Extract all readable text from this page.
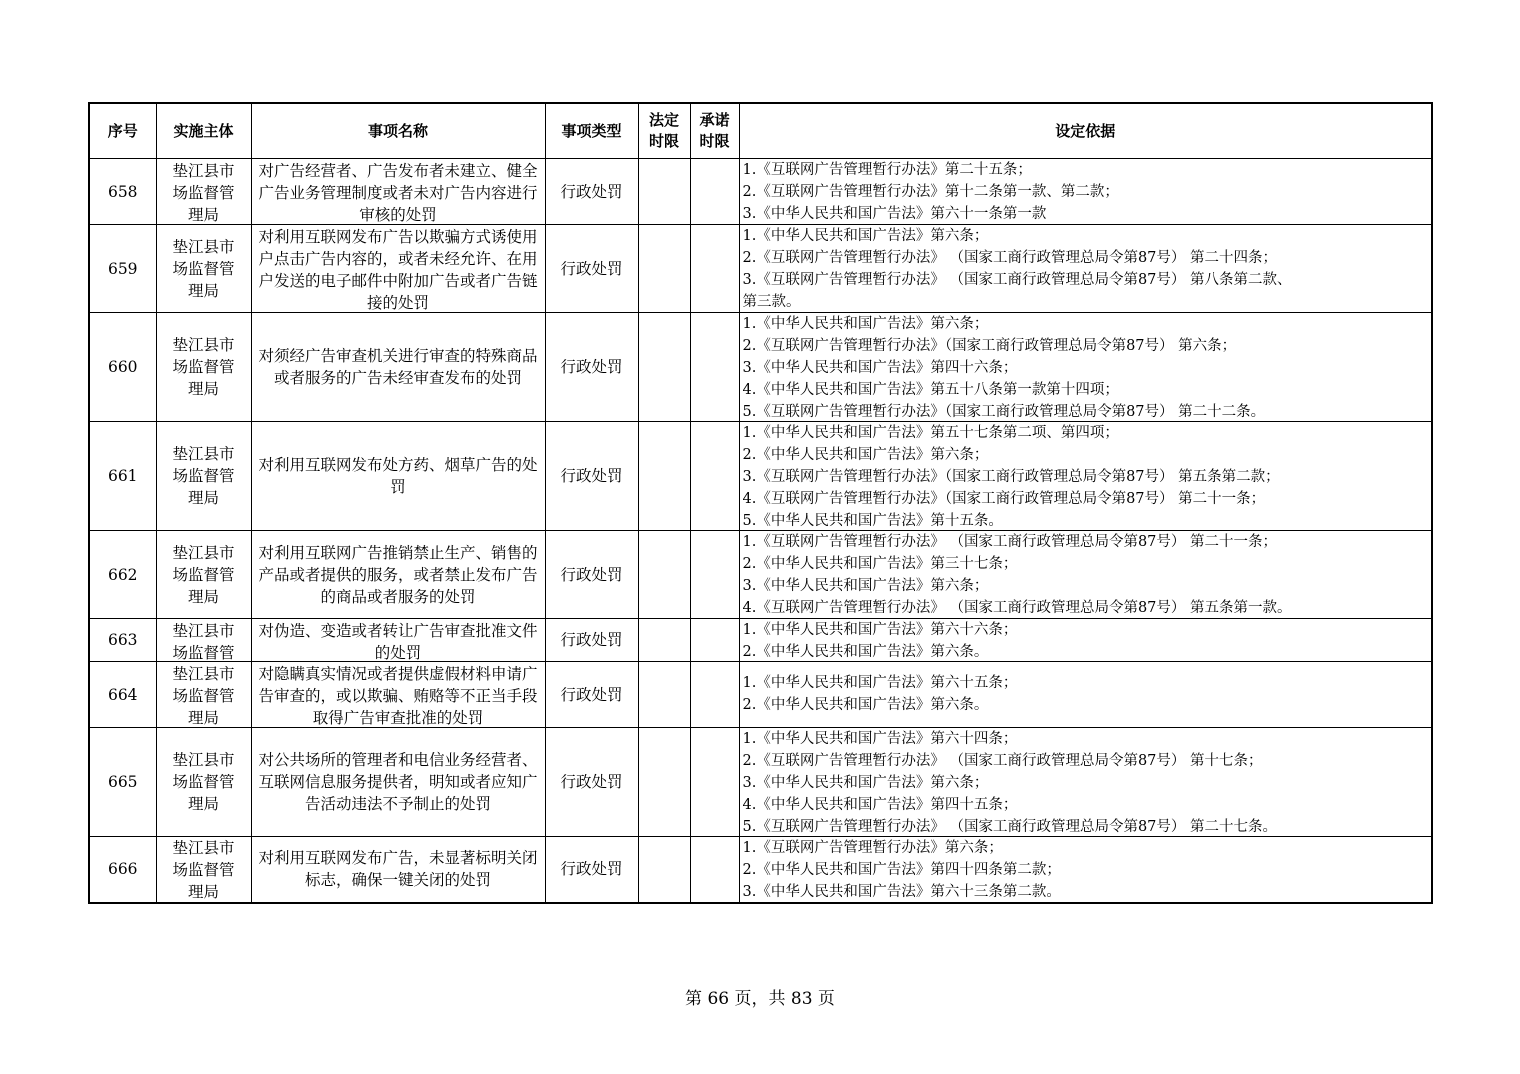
序号	实施主体	事项名称	事项类型	法定时限	承诺时限	设定依据
658	垫江县市场监督管理局	对广告经营者、广告发布者未建立、健全广告业务管理制度或者未对广告内容进行审核的处罚	行政处罚			1.《互联网广告管理暂行办法》第二十五条；
2.《互联网广告管理暂行办法》第十二条第一款、第二款；
3.《中华人民共和国广告法》第六十一条第一款

659	垫江县市场监督管理局	对利用互联网发布广告以欺骗方式诱使用户点击广告内容的，或者未经允许、在用户发送的电子邮件中附加广告或者广告链接的处罚	行政处罚			1.《中华人民共和国广告法》第六条；
2.《互联网广告管理暂行办法》 （国家工商行政管理总局令第87号） 第二十四条；
3.《互联网广告管理暂行办法》 （国家工商行政管理总局令第87号） 第八条第二款、
第三款。

660	垫江县市场监督管理局	对须经广告审查机关进行审查的特殊商品或者服务的广告未经审查发布的处罚	行政处罚			1.《中华人民共和国广告法》第六条；
2.《互联网广告管理暂行办法》（国家工商行政管理总局令第87号） 第六条；
3.《中华人民共和国广告法》第四十六条；
4.《中华人民共和国广告法》第五十八条第一款第十四项；
5.《互联网广告管理暂行办法》（国家工商行政管理总局令第87号） 第二十二条。

661	垫江县市场监督管理局	对利用互联网发布处方药、烟草广告的处罚	行政处罚			1.《中华人民共和国广告法》第五十七条第二项、第四项；
2.《中华人民共和国广告法》第六条；
3.《互联网广告管理暂行办法》（国家工商行政管理总局令第87号） 第五条第二款；
4.《互联网广告管理暂行办法》（国家工商行政管理总局令第87号） 第二十一条；
5.《中华人民共和国广告法》第十五条。

662	垫江县市场监督管理局	对利用互联网广告推销禁止生产、销售的产品或者提供的服务，或者禁止发布广告的商品或者服务的处罚	行政处罚			1.《互联网广告管理暂行办法》 （国家工商行政管理总局令第87号） 第二十一条；
2.《中华人民共和国广告法》第三十七条；
3.《中华人民共和国广告法》第六条；
4.《互联网广告管理暂行办法》 （国家工商行政管理总局令第87号） 第五条第一款。

663	垫江县市场监督管	对伪造、变造或者转让广告审查批准文件的处罚	行政处罚			1.《中华人民共和国广告法》第六十六条；
2.《中华人民共和国广告法》第六条。

664	垫江县市场监督管理局	对隐瞒真实情况或者提供虚假材料申请广告审查的，或以欺骗、贿赂等不正当手段取得广告审查批准的处罚	行政处罚			1.《中华人民共和国广告法》第六十五条；
2.《中华人民共和国广告法》第六条。

665	垫江县市场监督管理局	对公共场所的管理者和电信业务经营者、互联网信息服务提供者，明知或者应知广告活动违法不予制止的处罚	行政处罚			1.《中华人民共和国广告法》第六十四条；
2.《互联网广告管理暂行办法》 （国家工商行政管理总局令第87号） 第十七条；
3.《中华人民共和国广告法》第六条；
4.《中华人民共和国广告法》第四十五条；
5.《互联网广告管理暂行办法》 （国家工商行政管理总局令第87号） 第二十七条。

666	垫江县市场监督管理局	对利用互联网发布广告，未显著标明关闭标志，确保一键关闭的处罚	行政处罚			1.《互联网广告管理暂行办法》第六条；
2.《中华人民共和国广告法》第四十四条第二款；
3.《中华人民共和国广告法》第六十三条第二款。
第 66 页，共 83 页
